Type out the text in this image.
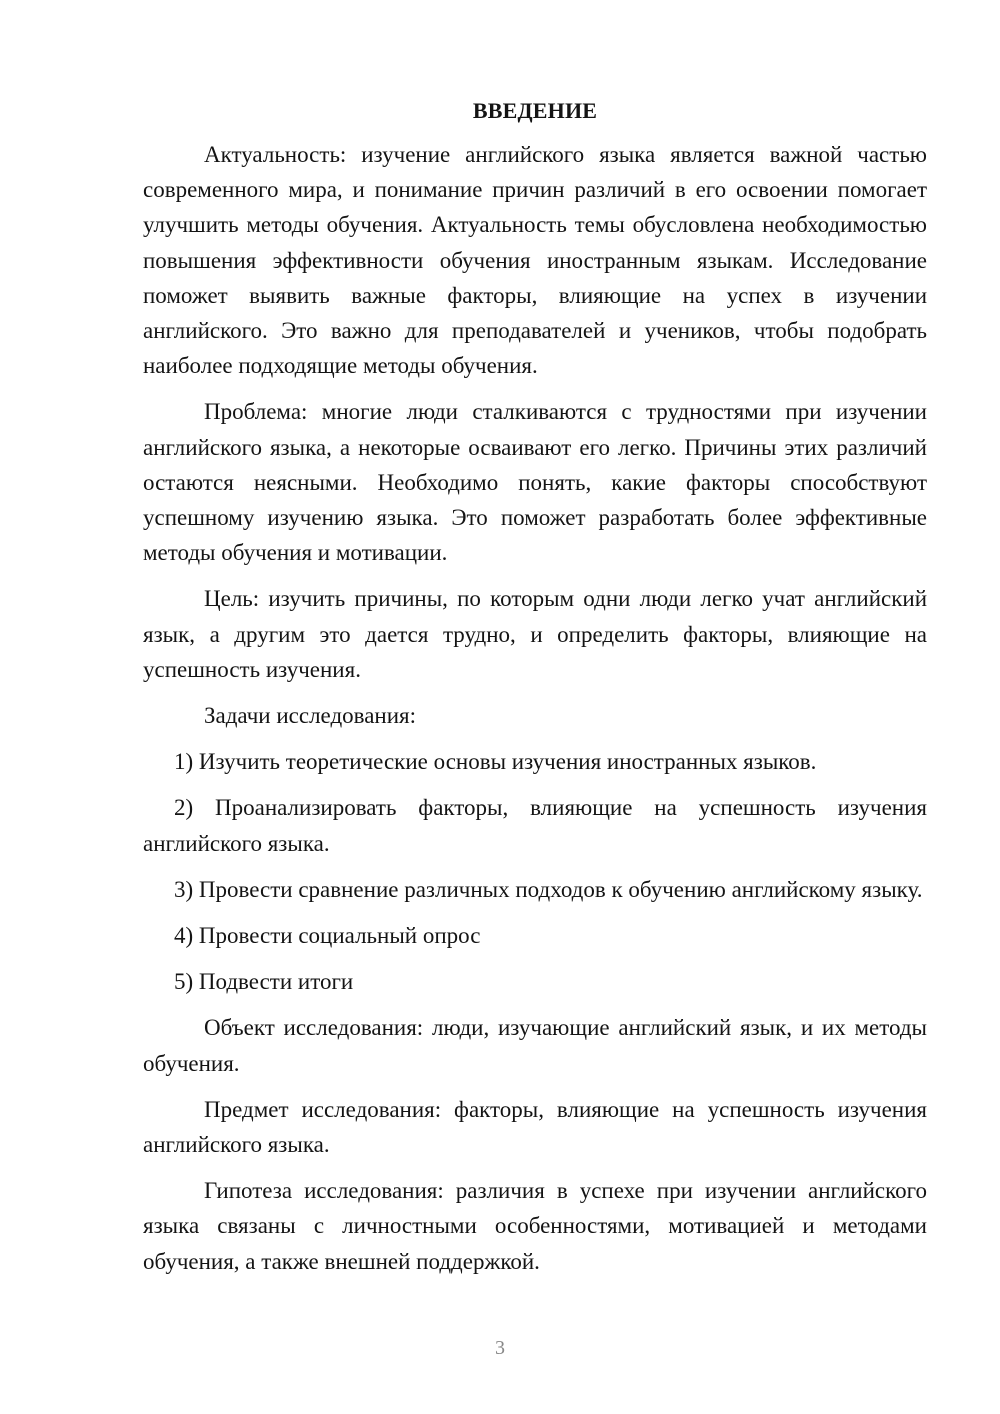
ВВЕДЕНИЕ

Актуальность: изучение английского языка является важной частью современного мира, и понимание причин различий в его освоении помогает улучшить методы обучения. Актуальность темы обусловлена необходимостью повышения эффективности обучения иностранным языкам. Исследование поможет выявить важные факторы, влияющие на успех в изучении английского. Это важно для преподавателей и учеников, чтобы подобрать наиболее подходящие методы обучения.

Проблема: многие люди сталкиваются с трудностями при изучении английского языка, а некоторые осваивают его легко. Причины этих различий остаются неясными. Необходимо понять, какие факторы способствуют успешному изучению языка. Это поможет разработать более эффективные методы обучения и мотивации.

Цель: изучить причины, по которым одни люди легко учат английский язык, а другим это дается трудно, и определить факторы, влияющие на успешность изучения.

Задачи исследования:

1) Изучить теоретические основы изучения иностранных языков.

2) Проанализировать факторы, влияющие на успешность изучения английского языка.

3) Провести сравнение различных подходов к обучению английскому языку.

4) Провести социальный опрос

5) Подвести итоги

Объект исследования: люди, изучающие английский язык, и их методы обучения.

Предмет исследования: факторы, влияющие на успешность изучения английского языка.

Гипотеза исследования: различия в успехе при изучении английского языка связаны с личностными особенностями, мотивацией и методами обучения, а также внешней поддержкой.

3
